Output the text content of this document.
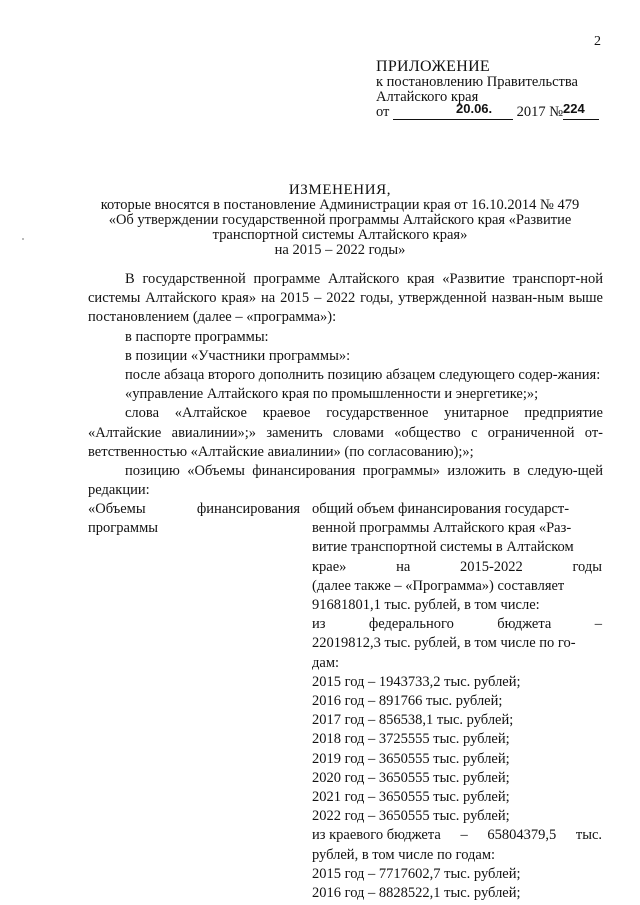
2
ПРИЛОЖЕНИЕ
к постановлению Правительства
Алтайского края
от	20.06. 2017 № 224
ИЗМЕНЕНИЯ,
которые вносятся в постановление Администрации края от 16.10.2014 № 479
«Об утверждении государственной программы Алтайского края «Развитие
транспортной системы Алтайского края»
на 2015 – 2022 годы»

В государственной программе Алтайского края «Развитие транспорт-ной системы Алтайского края» на 2015 – 2022 годы, утвержденной назван-ным выше постановлением (далее – «программа»):

в паспорте программы:

в позиции «Участники программы»:

после абзаца второго дополнить позицию абзацем следующего содер-жания:

«управление Алтайского края по промышленности и энергетике;»;

слова «Алтайское краевое государственное унитарное предприятие «Алтайские авиалинии»;» заменить словами «общество с ограниченной от-ветственностью «Алтайские авиалинии» (по согласованию);»;

позицию «Объемы финансирования программы» изложить в следую-щей редакции:

«Объемы	финансирования
программы
общий объем финансирования государст-
венной программы Алтайского края «Раз-
витие транспортной системы в Алтайском
крае»	на	2015-2022	годы
(далее также – «Программа») составляет
91681801,1 тыс. рублей, в том числе:
из	федерального	бюджета	–
22019812,3 тыс. рублей, в том числе по го-
дам:
2015 год – 1943733,2 тыс. рублей;
2016 год – 891766 тыс. рублей;
2017 год – 856538,1 тыс. рублей;
2018 год – 3725555 тыс. рублей;
2019 год – 3650555 тыс. рублей;
2020 год – 3650555 тыс. рублей;
2021 год – 3650555 тыс. рублей;
2022 год – 3650555 тыс. рублей;
из краевого бюджета – 65804379,5 тыс.
рублей, в том числе по годам:
2015 год – 7717602,7 тыс. рублей;
2016 год – 8828522,1 тыс. рублей;
